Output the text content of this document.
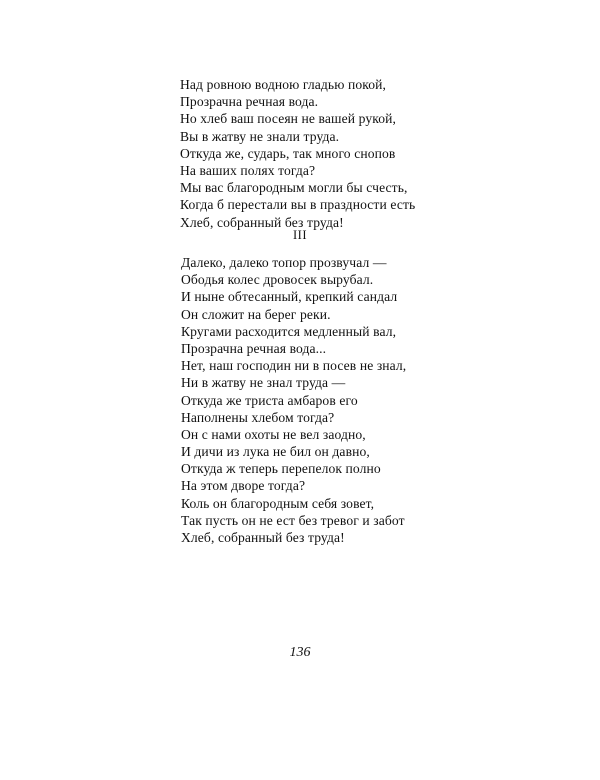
Над ровною водною гладью покой,
Прозрачна речная вода.
Но хлеб ваш посеян не вашей рукой,
Вы в жатву не знали труда.
Откуда же, сударь, так много снопов
На ваших полях тогда?
Мы вас благородным могли бы счесть,
Когда б перестали вы в праздности есть
Хлеб, собранный без труда!
III
Далеко, далеко топор прозвучал —
Ободья колес дровосек вырубал.
И ныне обтесанный, крепкий сандал
Он сложит на берег реки.
Кругами расходится медленный вал,
Прозрачна речная вода...
Нет, наш господин ни в посев не знал,
Ни в жатву не знал труда —
Откуда же триста амбаров его
Наполнены хлебом тогда?
Он с нами охоты не вел заодно,
И дичи из лука не бил он давно,
Откуда ж теперь перепелок полно
На этом дворе тогда?
Коль он благородным себя зовет,
Так пусть он не ест без тревог и забот
Хлеб, собранный без труда!
136
